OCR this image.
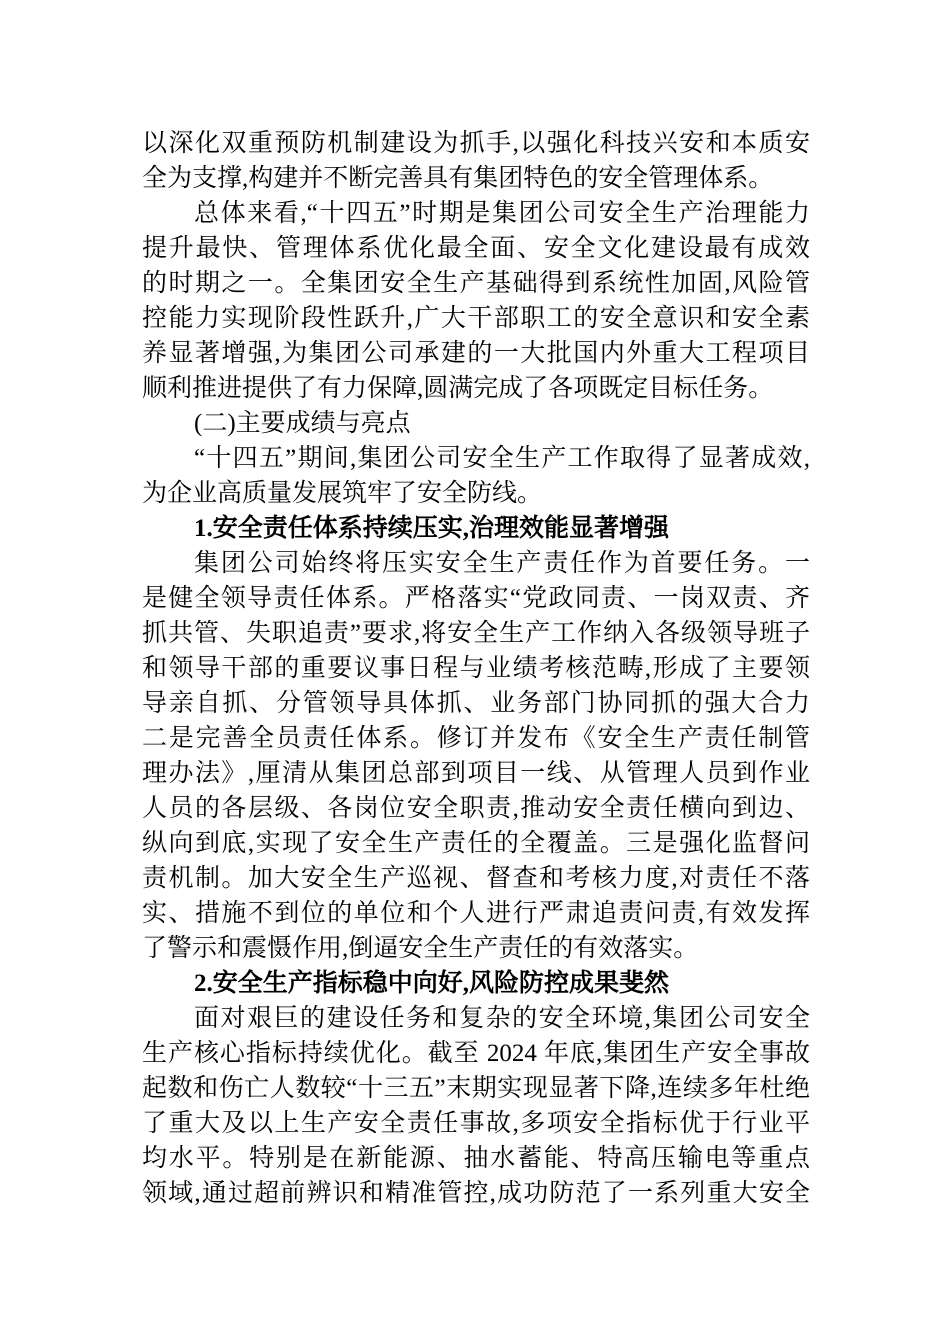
以深化双重预防机制建设为抓手,以强化科技兴安和本质安
全为支撑,构建并不断完善具有集团特色的安全管理体系。
总体来看,“十四五”时期是集团公司安全生产治理能力
提升最快、管理体系优化最全面、安全文化建设最有成效
的时期之一。全集团安全生产基础得到系统性加固,风险管
控能力实现阶段性跃升,广大干部职工的安全意识和安全素
养显著增强,为集团公司承建的一大批国内外重大工程项目
顺利推进提供了有力保障,圆满完成了各项既定目标任务。
(二)主要成绩与亮点
“十四五”期间,集团公司安全生产工作取得了显著成效,
为企业高质量发展筑牢了安全防线。
1.安全责任体系持续压实,治理效能显著增强
集团公司始终将压实安全生产责任作为首要任务。一
是健全领导责任体系。严格落实“党政同责、一岗双责、齐
抓共管、失职追责”要求,将安全生产工作纳入各级领导班子
和领导干部的重要议事日程与业绩考核范畴,形成了主要领
导亲自抓、分管领导具体抓、业务部门协同抓的强大合力
二是完善全员责任体系。修订并发布《安全生产责任制管
理办法》,厘清从集团总部到项目一线、从管理人员到作业
人员的各层级、各岗位安全职责,推动安全责任横向到边、
纵向到底,实现了安全生产责任的全覆盖。三是强化监督问
责机制。加大安全生产巡视、督查和考核力度,对责任不落
实、措施不到位的单位和个人进行严肃追责问责,有效发挥
了警示和震慑作用,倒逼安全生产责任的有效落实。
2.安全生产指标稳中向好,风险防控成果斐然
面对艰巨的建设任务和复杂的安全环境,集团公司安全
生产核心指标持续优化。截至 2024 年底,集团生产安全事故
起数和伤亡人数较“十三五”末期实现显著下降,连续多年杜绝
了重大及以上生产安全责任事故,多项安全指标优于行业平
均水平。特别是在新能源、抽水蓄能、特高压输电等重点
领域,通过超前辨识和精准管控,成功防范了一系列重大安全
